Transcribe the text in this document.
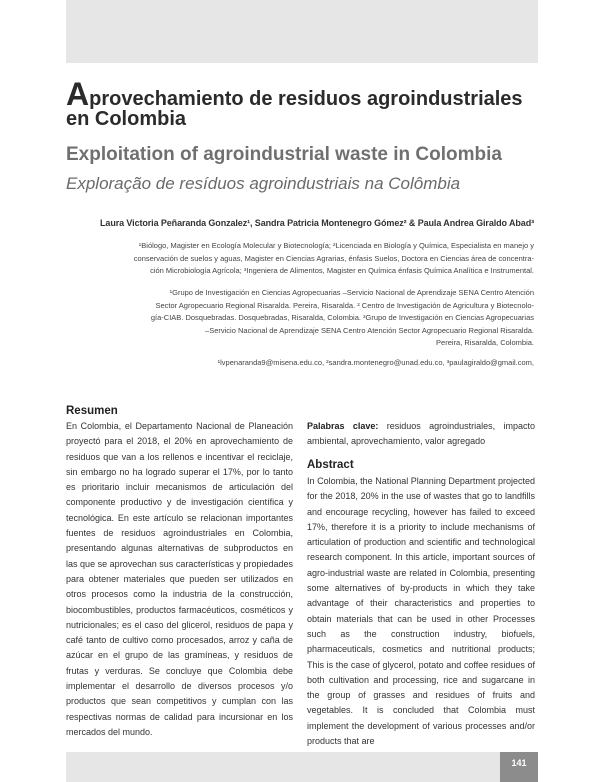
Aprovechamiento de residuos agroindustriales
en Colombia
Exploitation of agroindustrial waste in Colombia
Exploração de resíduos agroindustriais na Colômbia
Laura Victoria Peñaranda Gonzalez¹, Sandra Patricia Montenegro Gómez² & Paula Andrea Giraldo Abad³
¹Biólogo, Magister en Ecología Molecular y Biotecnología; ²Licenciada en Biología y Química, Especialista en manejo y
conservación de suelos y aguas, Magister en Ciencias Agrarias, énfasis Suelos, Doctora en Ciencias área de concentra-
ción Microbiología Agrícola; ³Ingeniera de Alimentos, Magister en Química énfasis Química Analítica e Instrumental.
¹Grupo de Investigación en Ciencias Agropecuarias –Servicio Nacional de Aprendizaje SENA Centro Atención
Sector Agropecuario Regional Risaralda. Pereira, Risaralda. ² Centro de Investigación de Agricultura y Biotecnolo-
gía-CIAB. Dosquebradas. Dosquebradas, Risaralda, Colombia. ³Grupo de Investigación en Ciencias Agropecuarias
–Servicio Nacional de Aprendizaje SENA Centro Atención Sector Agropecuario Regional Risaralda.
Pereira, Risaralda, Colombia.
¹lvpenaranda9@misena.edu.co, ²sandra.montenegro@unad.edu.co, ³paulagiraldo@gmail.com,
Resumen
En Colombia, el Departamento Nacional de Planeación proyectó para el 2018, el 20% en aprovechamiento de residuos que van a los rellenos e incentivar el reciclaje, sin embargo no ha logrado superar el 17%, por lo tanto es prioritario incluir mecanismos de articulación del componente productivo y de investigación científica y tecnológica. En este artículo se relacionan importantes fuentes de residuos agroindustriales en Colombia, presentando algunas alternativas de subproductos en las que se aprovechan sus características y propiedades para obtener materiales que pueden ser utilizados en otros procesos como la industria de la construcción, biocombustibles, productos farmacéuticos, cosméticos y nutricionales; es el caso del glicerol, residuos de papa y café tanto de cultivo como procesados, arroz y caña de azúcar en el grupo de las gramíneas, y residuos de frutas y verduras. Se concluye que Colombia debe implementar el desarrollo de diversos procesos y/o productos que sean competitivos y cumplan con las respectivas normas de calidad para incursionar en los mercados del mundo.
Palabras clave: residuos agroindustriales, impacto ambiental, aprovechamiento, valor agregado
Abstract
In Colombia, the National Planning Department projected for the 2018, 20% in the use of wastes that go to landfills and encourage recycling, however has failed to exceed 17%, therefore it is a priority to include mechanisms of articulation of production and scientific and technological research component. In this article, important sources of agro-industrial waste are related in Colombia, presenting some alternatives of by-products in which they take advantage of their characteristics and properties to obtain materials that can be used in other Processes such as the construction industry, biofuels, pharmaceuticals, cosmetics and nutritional products; This is the case of glycerol, potato and coffee residues of both cultivation and processing, rice and sugarcane in the group of grasses and residues of fruits and vegetables. It is concluded that Colombia must implement the development of various processes and/or products that are
141
